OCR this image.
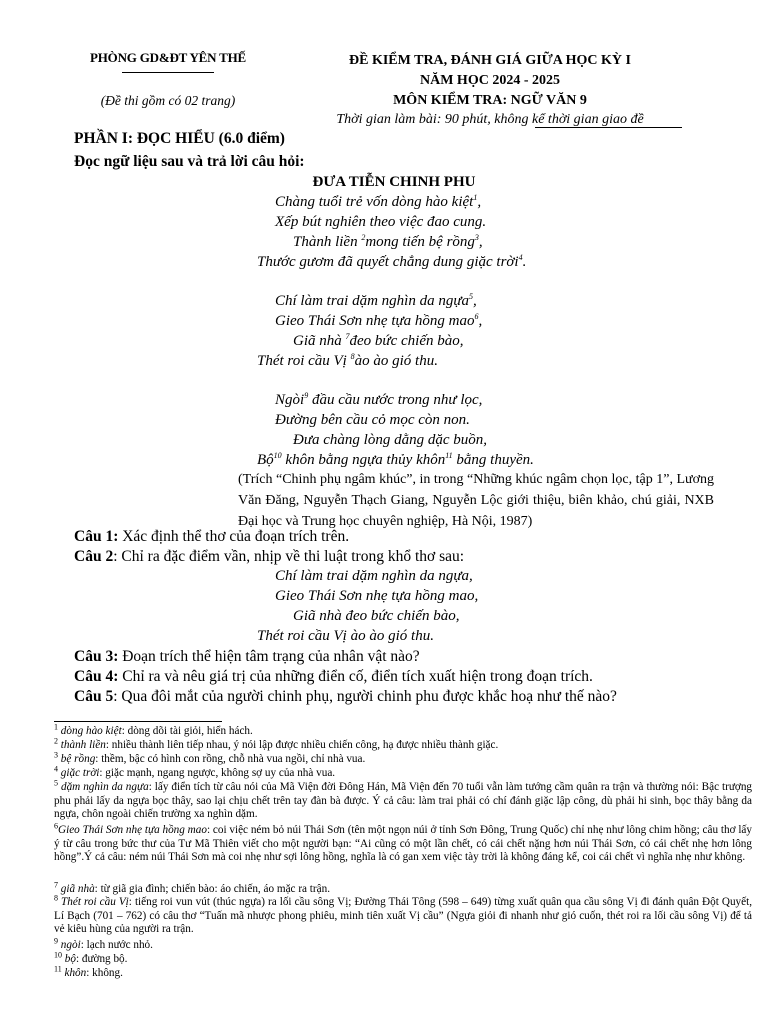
PHÒNG GD&ĐT YÊN THẾ
(Đề thi gồm có 02 trang)
ĐỀ KIỂM TRA, ĐÁNH GIÁ GIỮA HỌC KỲ I
NĂM HỌC 2024 - 2025
MÔN KIỂM TRA: NGỮ VĂN 9
Thời gian làm bài: 90 phút, không kể thời gian giao đề
PHẦN I: ĐỌC HIỂU (6.0 điểm)
Đọc ngữ liệu sau và trả lời câu hỏi:
ĐƯA TIỄN CHINH PHU
Chàng tuổi trẻ vốn dòng hào kiệt$^1$,
Xếp bút nghiên theo việc đao cung.
Thành liền $^2$mong tiến bệ rồng$^3$,
Thước gươm đã quyết chẳng dung giặc trời$^4$.
Chí làm trai dặm nghìn da ngựa$^5$,
Gieo Thái Sơn nhẹ tựa hồng mao$^6$,
Giã nhà $^7$đeo bức chiến bào,
Thét roi cầu Vị $^8$ào ào gió thu.
Ngòi$^9$ đầu cầu nước trong như lọc,
Đường bên cầu cỏ mọc còn non.
Đưa chàng lòng dằng dặc buồn,
Bộ$^{10}$ khôn bằng ngựa thủy khôn$^{11}$ bằng thuyền.
(Trích “Chinh phụ ngâm khúc”, in trong “Những khúc ngâm chọn lọc, tập 1”, Lương Văn Đăng, Nguyễn Thạch Giang, Nguyễn Lộc giới thiệu, biên khảo, chú giải, NXB Đại học và Trung học chuyên nghiệp, Hà Nội, 1987)
Câu 1: Xác định thể thơ của đoạn trích trên.
Câu 2: Chỉ ra đặc điểm vần, nhịp về thi luật trong khổ thơ sau:
Chí làm trai dặm nghìn da ngựa,
Gieo Thái Sơn nhẹ tựa hồng mao,
Giã nhà đeo bức chiến bào,
Thét roi cầu Vị ào ào gió thu.
Câu 3: Đoạn trích thể hiện tâm trạng của nhân vật nào?
Câu 4: Chỉ ra và nêu giá trị của những điển cố, điển tích xuất hiện trong đoạn trích.
Câu 5: Qua đôi mắt của người chinh phụ, người chinh phu được khắc hoạ như thế nào?
$^1$ dòng hào kiệt: dòng dõi tài giỏi, hiển hách.
$^2$ thành liền: nhiều thành liên tiếp nhau, ý nói lập được nhiều chiến công, hạ được nhiều thành giặc.
$^3$ bệ rồng: thềm, bậc có hình con rồng, chỗ nhà vua ngồi, chỉ nhà vua.
$^4$ giặc trời: giặc mạnh, ngang ngược, không sợ uy của nhà vua.
$^5$ dặm nghìn da ngựa: lấy điển tích từ câu nói của Mã Viện đời Đông Hán, Mã Viện đến 70 tuổi vẫn làm tướng cầm quân ra trận và thường nói: Bậc trượng phu phải lấy da ngựa bọc thây, sao lại chịu chết trên tay đàn bà được. Ý cả câu: làm trai phải có chí đánh giặc lập công, dù phải hi sinh, bọc thây bằng da ngựa, chôn ngoài chiến trường xa nghìn dặm.
$^6$Gieo Thái Sơn nhẹ tựa hồng mao: coi việc ném bỏ núi Thái Sơn (tên một ngọn núi ở tỉnh Sơn Đông, Trung Quốc) chỉ nhẹ như lông chim hồng; câu thơ lấy ý từ câu trong bức thư của Tư Mã Thiên viết cho một người bạn: “Ai cũng có một lần chết, có cái chết nặng hơn núi Thái Sơn, có cái chết nhẹ hơn lông hồng”.Ý cả câu: ném núi Thái Sơn mà coi nhẹ như sợi lông hồng, nghĩa là có gan xem việc tày trời là không đáng kể, coi cái chết vì nghĩa nhẹ như không.
$^7$ giã nhà: từ giã gia đình; chiến bào: áo chiến, áo mặc ra trận.
$^8$ Thét roi cầu Vị: tiếng roi vun vút (thúc ngựa) ra lối cầu sông Vị; Đường Thái Tông (598 – 649) từng xuất quân qua cầu sông Vị đi đánh quân Đột Quyết, Lí Bạch (701 – 762) có câu thơ “Tuấn mã nhược phong phiêu, minh tiên xuất Vị cầu” (Ngựa giỏi đi nhanh như gió cuốn, thét roi ra lối cầu sông Vị) để tả vẻ kiêu hùng của người ra trận.
$^9$ ngòi: lạch nước nhỏ.
$^{10}$ bộ: đường bộ.
$^{11}$ khôn: không.
